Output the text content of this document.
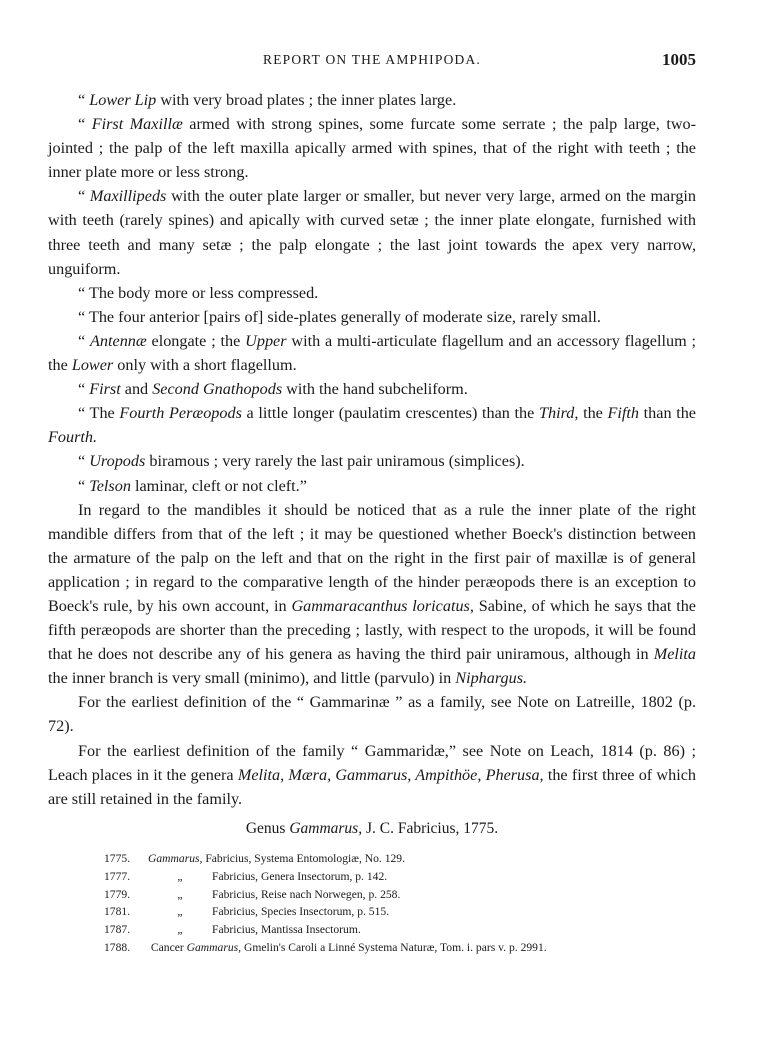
REPORT ON THE AMPHIPODA.	1005

“ Lower Lip with very broad plates ; the inner plates large.

“ First Maxillæ armed with strong spines, some furcate some serrate ; the palp large, two-jointed ; the palp of the left maxilla apically armed with spines, that of the right with teeth ; the inner plate more or less strong.

“ Maxillipeds with the outer plate larger or smaller, but never very large, armed on the margin with teeth (rarely spines) and apically with curved setæ ; the inner plate elongate, furnished with three teeth and many setæ ; the palp elongate ; the last joint towards the apex very narrow, unguiform.

“ The body more or less compressed.

“ The four anterior [pairs of] side-plates generally of moderate size, rarely small.

“ Antennæ elongate ; the Upper with a multi-articulate flagellum and an accessory flagellum ; the Lower only with a short flagellum.

“ First and Second Gnathopods with the hand subcheliform.

“ The Fourth Peræopods a little longer (paulatim crescentes) than the Third, the Fifth than the Fourth.

“ Uropods biramous ; very rarely the last pair uniramous (simplices).

“ Telson laminar, cleft or not cleft.”

In regard to the mandibles it should be noticed that as a rule the inner plate of the right mandible differs from that of the left ; it may be questioned whether Boeck's distinction between the armature of the palp on the left and that on the right in the first pair of maxillæ is of general application ; in regard to the comparative length of the hinder peræopods there is an exception to Boeck's rule, by his own account, in Gammaracanthus loricatus, Sabine, of which he says that the fifth peræopods are shorter than the preceding ; lastly, with respect to the uropods, it will be found that he does not describe any of his genera as having the third pair uniramous, although in Melita the inner branch is very small (minimo), and little (parvulo) in Niphargus.

For the earliest definition of the “ Gammarinæ ” as a family, see Note on Latreille, 1802 (p. 72).

For the earliest definition of the family “ Gammaridæ,” see Note on Leach, 1814 (p. 86) ; Leach places in it the genera Melita, Mæra, Gammarus, Ampithöe, Pherusa, the first three of which are still retained in the family.

Genus Gammarus, J. C. Fabricius, 1775.
1775. Gammarus, Fabricius, Systema Entomologiæ, No. 129.
1777.	„	Fabricius, Genera Insectorum, p. 142.
1779.	„	Fabricius, Reise nach Norwegen, p. 258.
1781.	„	Fabricius, Species Insectorum, p. 515.
1787.	„	Fabricius, Mantissa Insectorum.
1788. Cancer Gammarus, Gmelin's Caroli a Linné Systema Naturæ, Tom. i. pars v. p. 2991.
